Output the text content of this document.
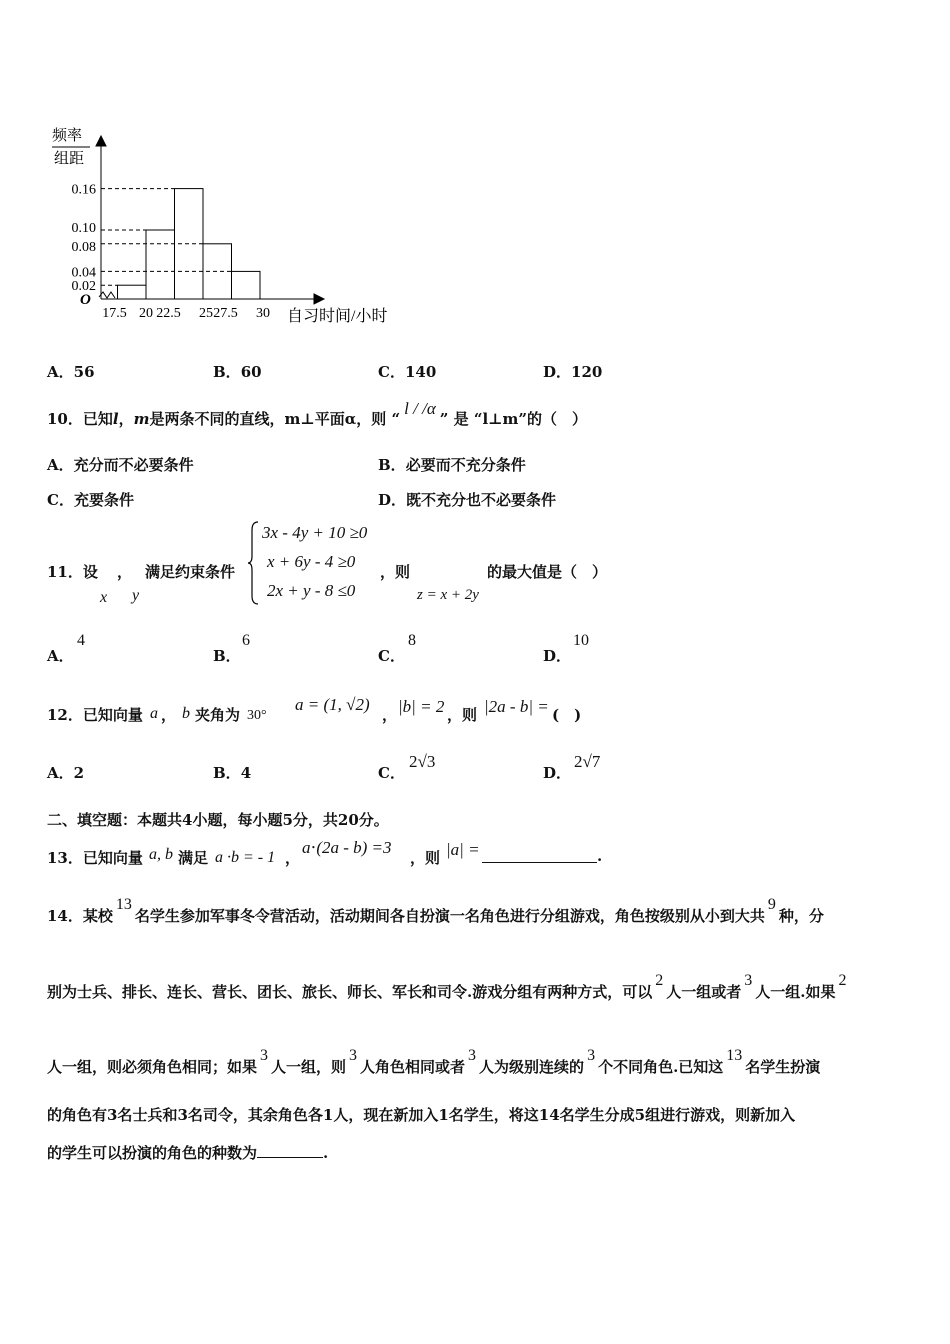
0.02
0.04
0.08
0.10
0.16
17.5 20 22.5 25 27.5 30
频率
组距
O
自习时间/小时
A．56	B．60	C．140	D．120
10．已知l，m是两条不同的直线，m⊥平面α，则 “l / /α” 是 “l⊥m”的（　）
A．充分而不必要条件	B．必要而不充分条件
C．充要条件	D．既不充分也不必要条件
11．设 ， 满足约束条件
x y
3x - 4y + 10 ≥0
x + 6y - 4 ≥0
2x + y - 8 ≤0
，则
z = x + 2y
的最大值是（　）
A．
4
B．
6
C．
8
D．
10
12．已知向量 a ， b 夹角为 30°
a = (1, √2)
， |b| = 2 ，则 |2a - b| = (　)
A．2	B．4	C．
2√3
D．
2√7
二、填空题：本题共4小题，每小题5分，共20分。
13．已知向量 a, b 满足 a ·b = - 1 ，
a⋅(2a - b) =3
，则 |a| =	.
14．某校13名学生参加军事冬令营活动，活动期间各自扮演一名角色进行分组游戏，角色按级别从小到大共9种，分
别为士兵、排长、连长、营长、团长、旅长、师长、军长和司令.游戏分组有两种方式，可以2人一组或者3人一组.如果2
人一组，则必须角色相同；如果3人一组，则3人角色相同或者3人为级别连续的3个不同角色.已知这13名学生扮演
的角色有3名士兵和3名司令，其余角色各1人，现在新加入1名学生，将这14名学生分成5组进行游戏，则新加入
的学生可以扮演的角色的种数为	.
